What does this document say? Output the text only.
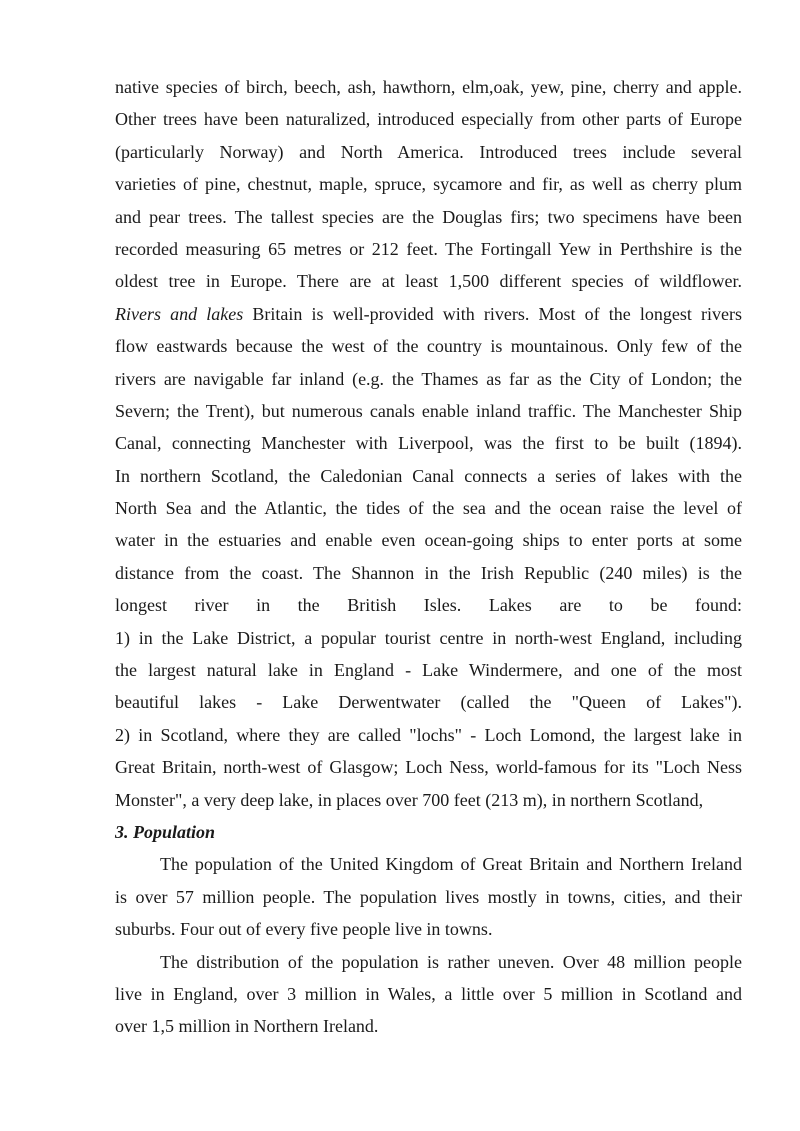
native species of birch, beech, ash, hawthorn, elm,oak, yew, pine, cherry and apple.
Other trees have been naturalized, introduced especially from other parts of Europe
(particularly Norway) and North America. Introduced trees include several
varieties of pine, chestnut, maple, spruce, sycamore and fir, as well as cherry plum
and pear trees. The tallest species are the Douglas firs; two specimens have been
recorded measuring 65 metres or 212 feet. The Fortingall Yew in Perthshire is the
oldest tree in Europe. There are at least 1,500 different species of wildflower.
Rivers and lakes Britain is well-provided with rivers. Most of the longest rivers
flow eastwards because the west of the country is mountainous. Only few of the
rivers are navigable far inland (e.g. the Thames as far as the City of London; the
Severn; the Trent), but numerous canals enable inland traffic. The Manchester Ship
Canal, connecting Manchester with Liverpool, was the first to be built (1894).
In northern Scotland, the Caledonian Canal connects a series of lakes with the
North Sea and the Atlantic, the tides of the sea and the ocean raise the level of
water in the estuaries and enable even ocean-going ships to enter ports at some
distance from the coast. The Shannon in the Irish Republic (240 miles) is the
longest river in the British Isles. Lakes are to be found:
1) in the Lake District, a popular tourist centre in north-west England, including
the largest natural lake in England - Lake Windermere, and one of the most
beautiful lakes - Lake Derwentwater (called the "Queen of Lakes").
2) in Scotland, where they are called "lochs" - Loch Lomond, the largest lake in
Great Britain, north-west of Glasgow; Loch Ness, world-famous for its "Loch Ness
Monster", a very deep lake, in places over 700 feet (213 m), in northern Scotland,
3. Population
The population of the United Kingdom of Great Britain and Northern Ireland
is over 57 million people. The population lives mostly in towns, cities, and their
suburbs. Four out of every five people live in towns.
The distribution of the population is rather uneven. Over 48 million people
live in England, over 3 million in Wales, a little over 5 million in Scotland and
over 1,5 million in Northern Ireland.
